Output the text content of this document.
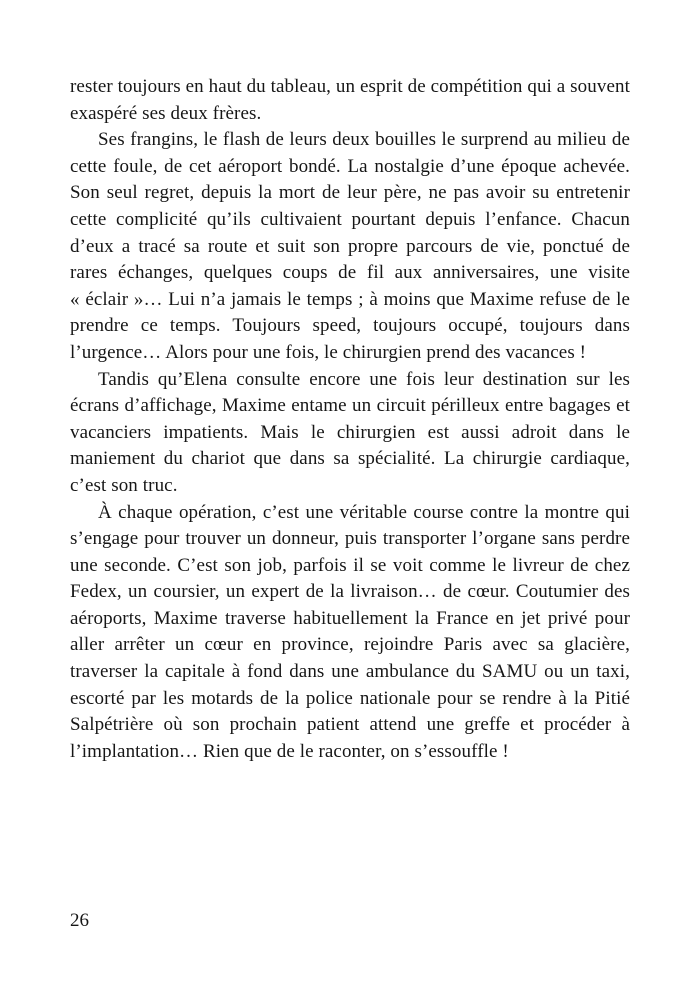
rester toujours en haut du tableau, un esprit de compétition qui a souvent exaspéré ses deux frères.

Ses frangins, le flash de leurs deux bouilles le surprend au milieu de cette foule, de cet aéroport bondé. La nostalgie d’une époque achevée. Son seul regret, depuis la mort de leur père, ne pas avoir su entretenir cette complicité qu’ils cultivaient pourtant depuis l’enfance. Chacun d’eux a tracé sa route et suit son propre parcours de vie, ponctué de rares échanges, quelques coups de fil aux anniversaires, une visite « éclair »… Lui n’a jamais le temps ; à moins que Maxime refuse de le prendre ce temps. Toujours speed, toujours occupé, toujours dans l’urgence… Alors pour une fois, le chirurgien prend des vacances !

Tandis qu’Elena consulte encore une fois leur destination sur les écrans d’affichage, Maxime entame un circuit périlleux entre bagages et vacanciers impatients. Mais le chirurgien est aussi adroit dans le maniement du chariot que dans sa spécialité. La chirurgie cardiaque, c’est son truc.

À chaque opération, c’est une véritable course contre la montre qui s’engage pour trouver un donneur, puis transporter l’organe sans perdre une seconde. C’est son job, parfois il se voit comme le livreur de chez Fedex, un coursier, un expert de la livraison… de cœur. Coutumier des aéroports, Maxime traverse habituellement la France en jet privé pour aller arrêter un cœur en province, rejoindre Paris avec sa glacière, traverser la capitale à fond dans une ambulance du SAMU ou un taxi, escorté par les motards de la police nationale pour se rendre à la Pitié Salpétrière où son prochain patient attend une greffe et procéder à l’implantation… Rien que de le raconter, on s’essouffle !

26
